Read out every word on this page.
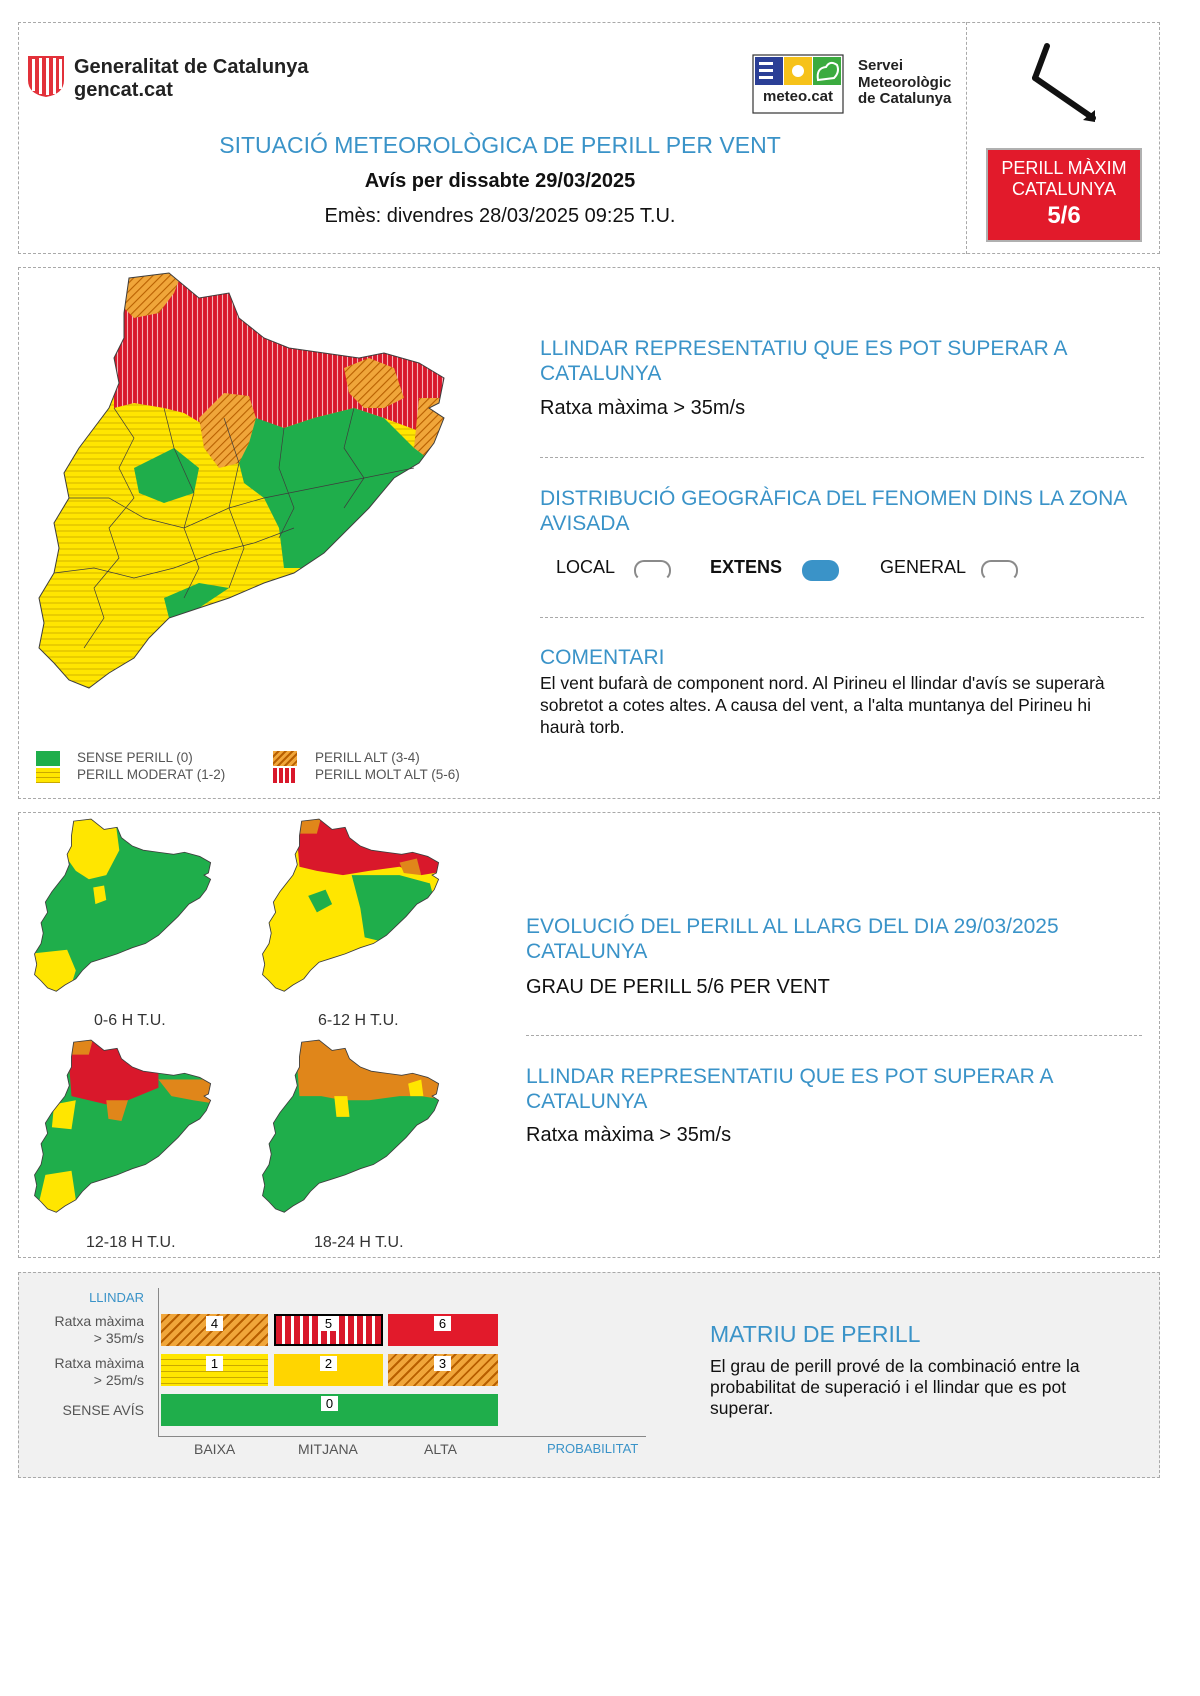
Generalitat de Catalunya
gencat.cat	meteo.cat
Servei
Meteorològic
de Catalunya
SITUACIÓ METEOROLÒGICA DE PERILL PER VENT
Avís per dissabte 29/03/2025
Emès: divendres 28/03/2025 09:25 T.U.
PERILL MÀXIM
CATALUNYA
5/6
SENSE PERILL (0)
PERILL MODERAT (1-2)
PERILL ALT (3-4)
PERILL MOLT ALT (5-6)
LLINDAR REPRESENTATIU QUE ES POT SUPERAR A CATALUNYA
Ratxa màxima > 35m/s
DISTRIBUCIÓ GEOGRÀFICA DEL FENOMEN DINS LA ZONA AVISADA
LOCAL	EXTENS	GENERAL
COMENTARI
El vent bufarà de component nord. Al Pirineu el llindar d'avís se superarà sobretot a cotes altes. A causa del vent, a l'alta muntanya del Pirineu hi haurà torb.
0-6 H T.U.	6-12 H T.U.
12-18 H T.U.	18-24 H T.U.
EVOLUCIÓ DEL PERILL AL LLARG DEL DIA 29/03/2025 CATALUNYA
GRAU DE PERILL 5/6 PER VENT
LLINDAR REPRESENTATIU QUE ES POT SUPERAR A CATALUNYA
Ratxa màxima > 35m/s
LLINDAR
Ratxa màxima
> 35m/s
Ratxa màxima
> 25m/s
SENSE AVÍS
4	5	6
1	2	3
0
BAIXA	MITJANA	ALTA	PROBABILITAT
MATRIU DE PERILL
El grau de perill prové de la combinació entre la probabilitat de superació i el llindar que es pot superar.
